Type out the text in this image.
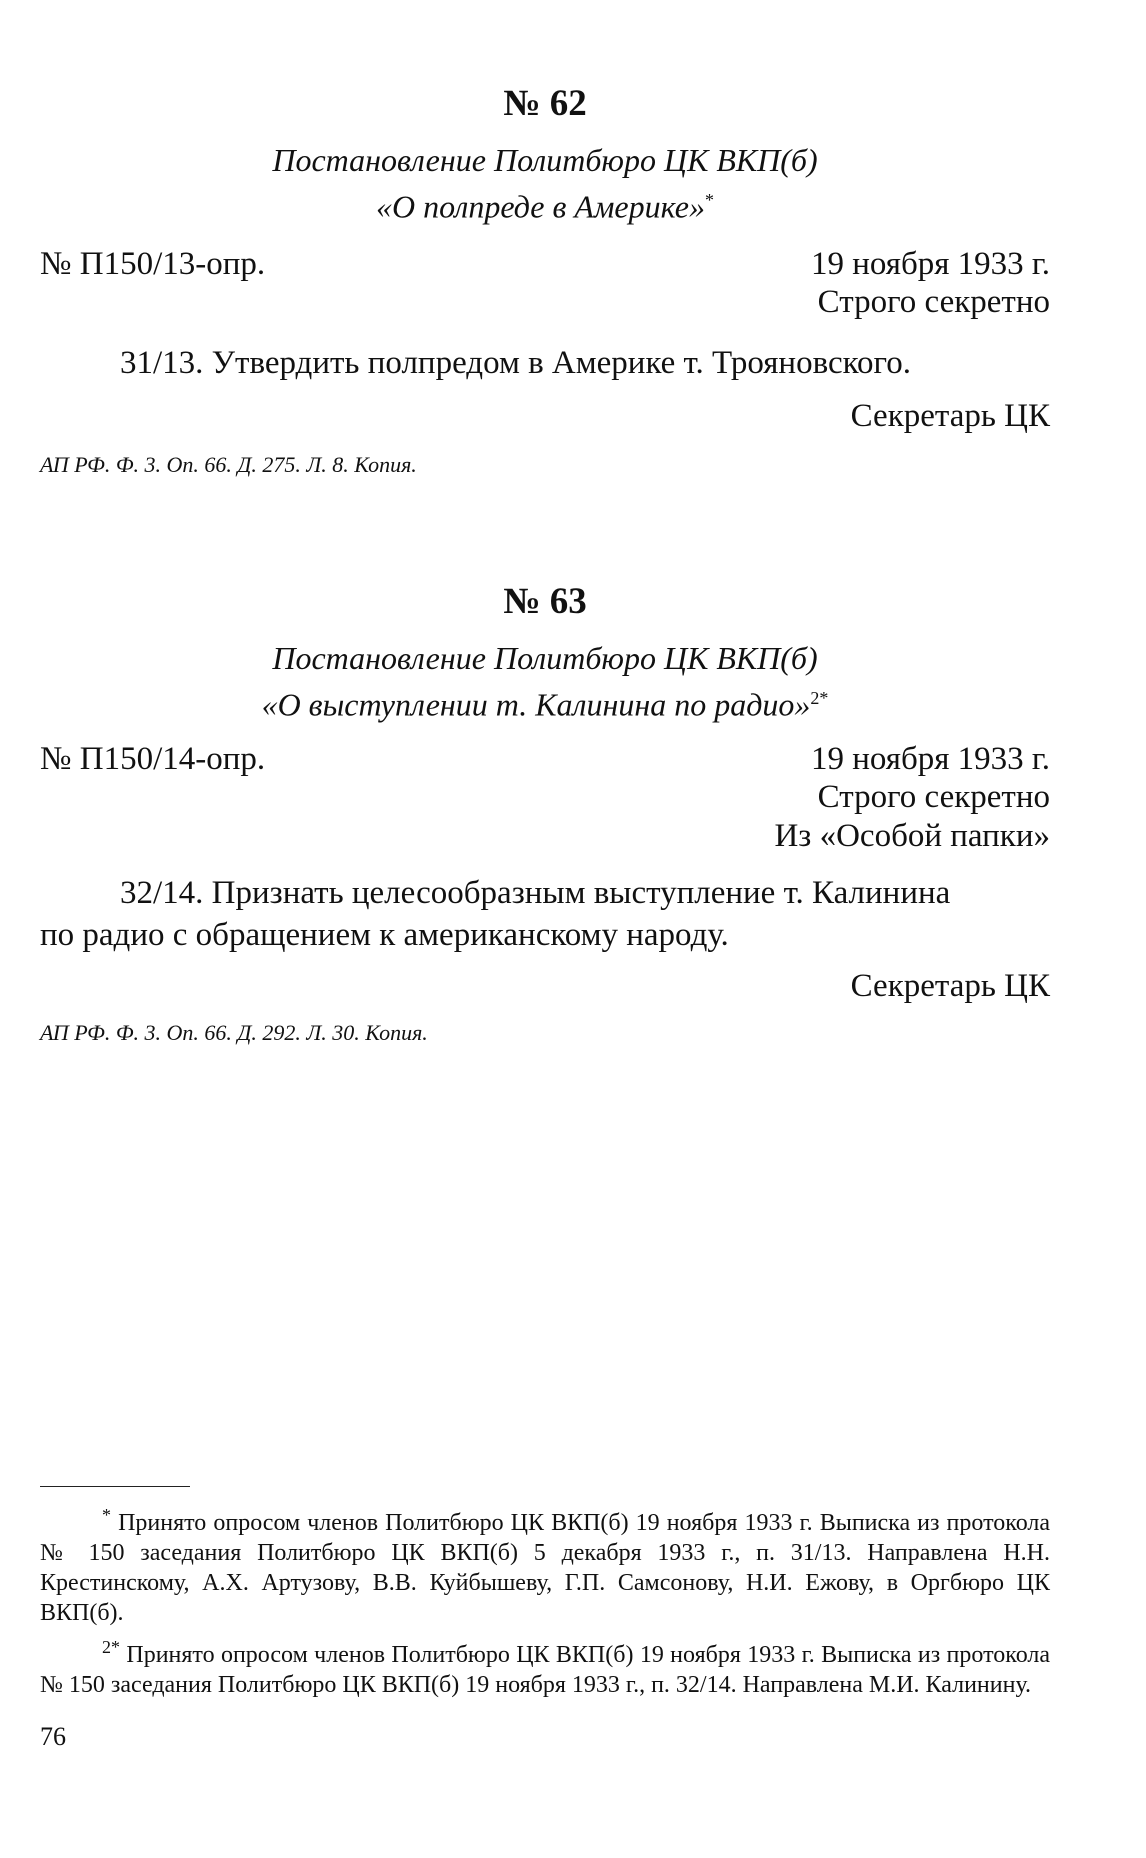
№ 62
Постановление Политбюро ЦК ВКП(б)
«О полпреде в Америке»*
№ П150/13-опр.	19 ноября 1933 г.
Строго секретно
31/13. Утвердить полпредом в Америке т. Трояновского.
Секретарь ЦК
АП РФ. Ф. 3. Оп. 66. Д. 275. Л. 8. Копия.
№ 63
Постановление Политбюро ЦК ВКП(б)
«О выступлении т. Калинина по радио»$^{2*}$
№ П150/14-опр.	19 ноября 1933 г.
Строго секретно
Из «Особой папки»
32/14. Признать целесообразным выступление т. Калинина
по радио с обращением к американскому народу.
Секретарь ЦК
АП РФ. Ф. 3. Оп. 66. Д. 292. Л. 30. Копия.

* Принято опросом членов Политбюро ЦК ВКП(б) 19 ноября 1933 г. Выписка из протокола № 150 заседания Политбюро ЦК ВКП(б) 5 декабря 1933 г., п. 31/13. Направлена Н.Н. Крестинскому, А.Х. Артузову, В.В. Куйбышеву, Г.П. Самсонову, Н.И. Ежову, в Оргбюро ЦК ВКП(б).

$^{2*}$ Принято опросом членов Политбюро ЦК ВКП(б) 19 ноября 1933 г. Выписка из протокола № 150 заседания Политбюро ЦК ВКП(б) 19 ноября 1933 г., п. 32/14. Направлена М.И. Калинину.

76
